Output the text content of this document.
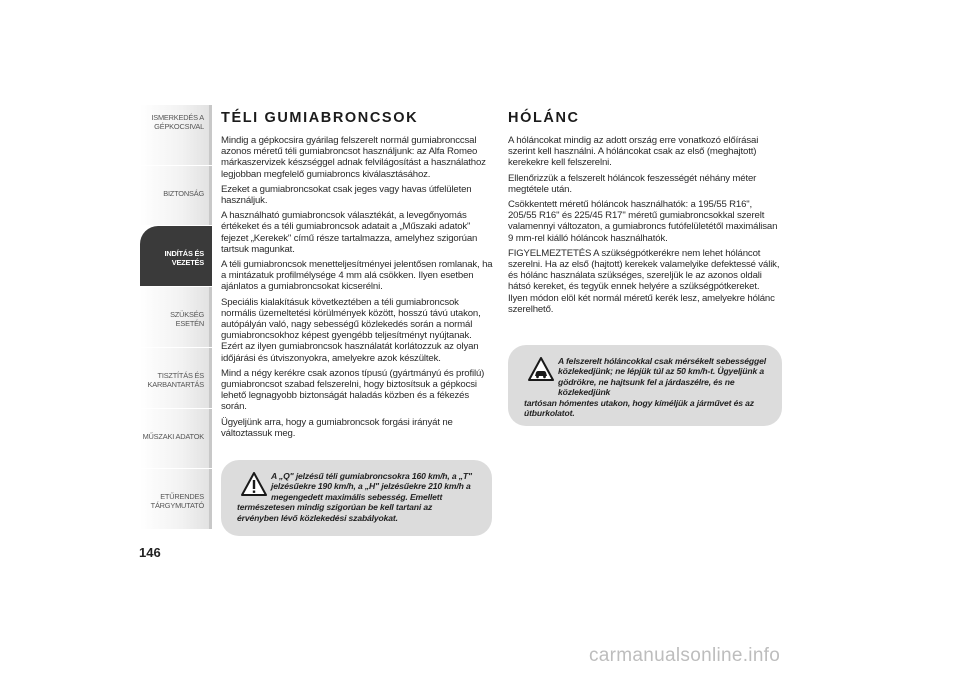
ISMERKEDÉS A
GÉPKOCSIVAL
BIZTONSÁG
INDÍTÁS ÉS
VEZETÉS
SZÜKSÉG ESETÉN
TISZTÍTÁS ÉS
KARBANTARTÁS
MŰSZAKI ADATOK
ETŰRENDES
TÁRGYMUTATÓ
146
TÉLI GUMIABRONCSOK

Mindig a gépkocsira gyárilag felszerelt normál gumiabronccsal azonos méretű téli gumiabroncsot használjunk: az Alfa Romeo márkaszervizek készséggel adnak felvilágosítást a használathoz legjobban megfelelő gumiabroncs kiválasztásához.

Ezeket a gumiabroncsokat csak jeges vagy havas útfelületen használjuk.

A használható gumiabroncsok választékát, a levegőnyomás értékeket és a téli gumiabroncsok adatait a „Műszaki adatok" fejezet „Kerekek" című része tartalmazza, amelyhez szigorúan tartsuk magunkat.

A téli gumiabroncsok menetteljesítményei jelentősen romlanak, ha a mintázatuk profilmélysége 4 mm alá csökken. Ilyen esetben ajánlatos a gumiabroncsokat kicserélni.

Speciális kialakításuk következtében a téli gumiabroncsok normális üzemeltetési körülmények között, hosszú távú utakon, autópályán való, nagy sebességű közlekedés során a normál gumiabroncsokhoz képest gyengébb teljesítményt nyújtanak. Ezért az ilyen gumiabroncsok használatát korlátozzuk az olyan időjárási és útviszonyokra, amelyekre azok készültek.

Mind a négy kerékre csak azonos típusú (gyártmányú és profilú) gumiabroncsot szabad felszerelni, hogy biztosítsuk a gépkocsi lehető legnagyobb biztonságát haladás közben és a fékezés során.

Ügyeljünk arra, hogy a gumiabroncsok forgási irányát ne változtassuk meg.

A „Q" jelzésű téli gumiabroncsokra 160 km/h, a „T" jelzésűekre 190 km/h, a „H" jelzésűekre 210 km/h a megengedett maximális sebesség. Emellett
természetesen mindig szigorúan be kell tartani az érvényben lévő közlekedési szabályokat.
HÓLÁNC

A hóláncokat mindig az adott ország erre vonatkozó előírásai szerint kell használni. A hóláncokat csak az első (meghajtott) kerekekre kell felszerelni.

Ellenőrizzük a felszerelt hóláncok feszességét néhány méter megtétele után.

Csökkentett méretű hóláncok használhatók: a 195/55 R16", 205/55 R16" és 225/45 R17" méretű gumiabroncsokkal szerelt valamennyi változaton, a gumiabroncs futófelületétől maximálisan 9 mm-rel kiálló hóláncok használhatók.

FIGYELMEZTETÉS A szükségpótkerékre nem lehet hóláncot szerelni. Ha az első (hajtott) kerekek valamelyike defektessé válik, és hólánc használata szükséges, szereljük le az azonos oldali hátsó kereket, és tegyük ennek helyére a szükségpótkereket. Ilyen módon elöl két normál méretű kerék lesz, amelyekre hólánc szerelhető.

A felszerelt hóláncokkal csak mérsékelt sebességgel közlekedjünk; ne lépjük túl az 50 km/h-t. Ügyeljünk a gödrökre, ne hajtsunk fel a járdaszélre, és ne közlekedjünk
tartósan hómentes utakon, hogy kíméljük a járművet és az útburkolatot.
carmanualsonline.info
